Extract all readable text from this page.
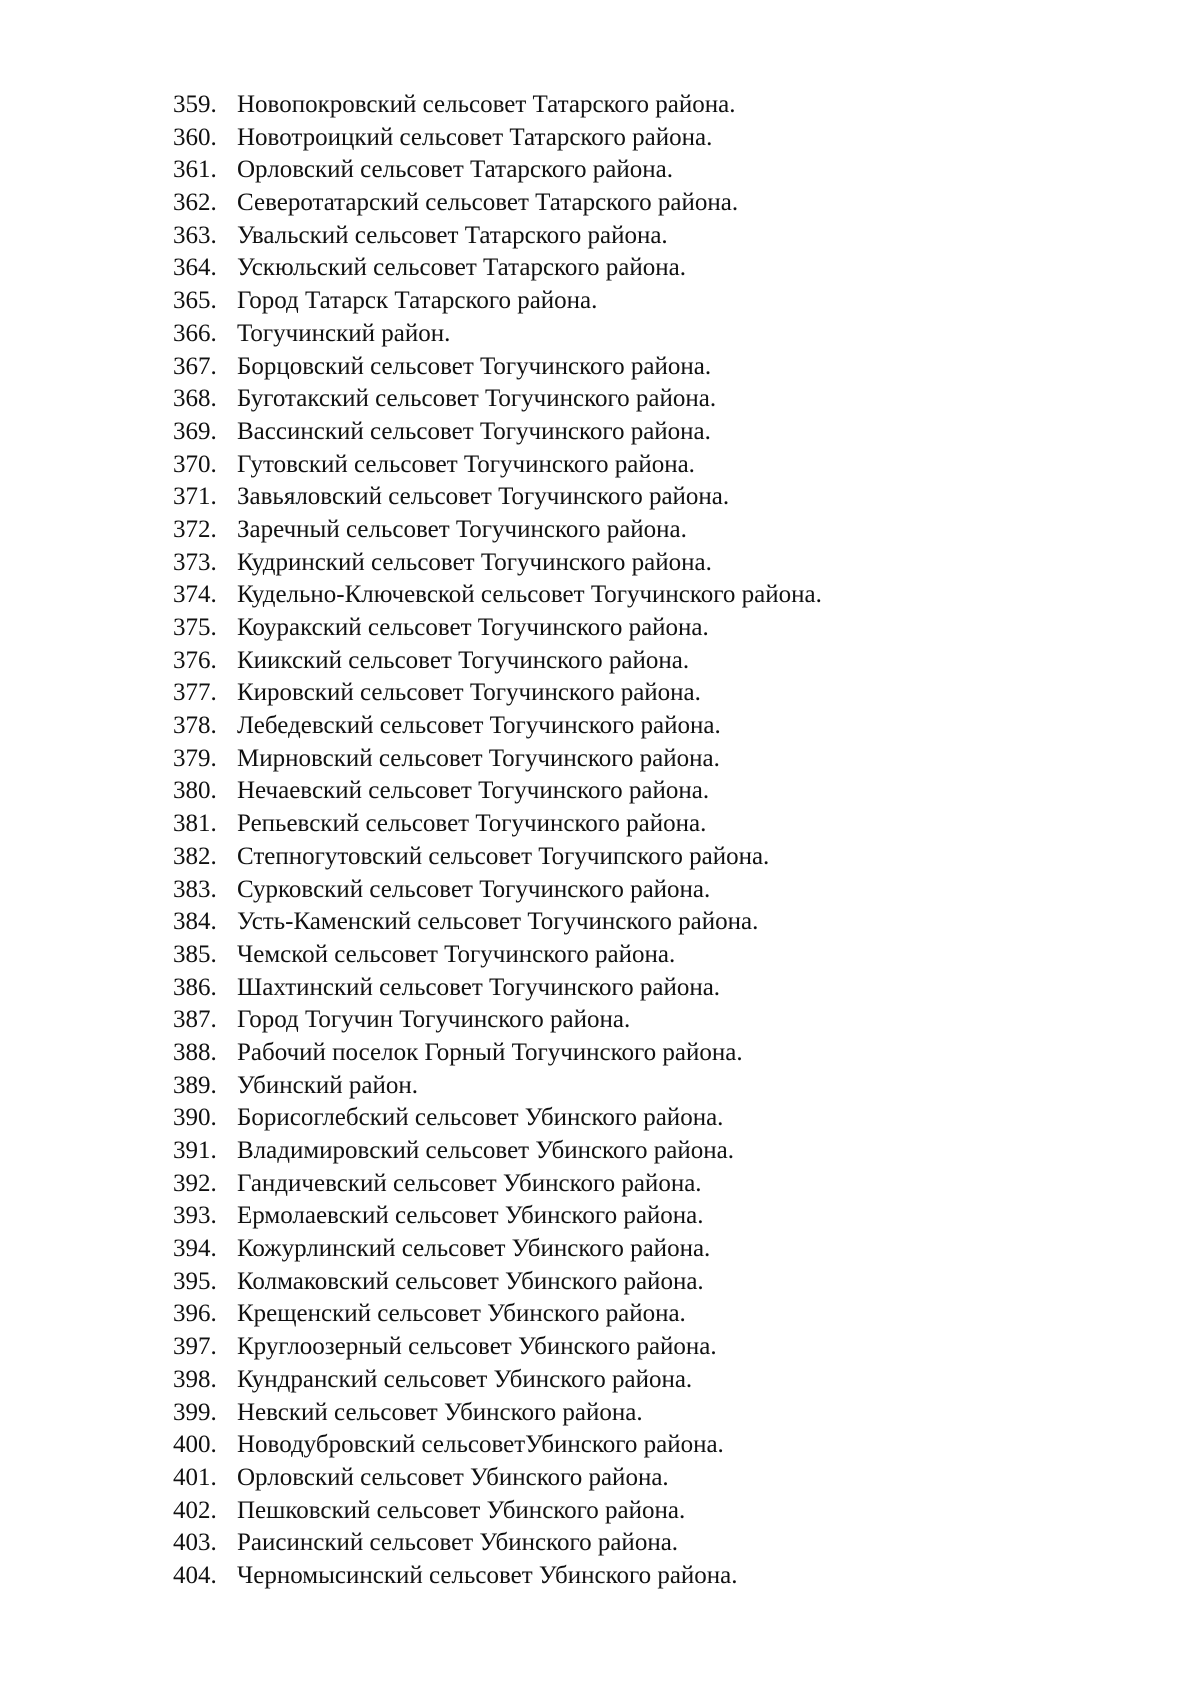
359. Новопокровский сельсовет Татарского района.
360. Новотроицкий сельсовет Татарского района.
361. Орловский сельсовет Татарского района.
362. Северотатарский сельсовет Татарского района.
363. Увальский сельсовет Татарского района.
364. Ускюльский сельсовет Татарского района.
365. Город Татарск Татарского района.
366. Тогучинский район.
367. Борцовский сельсовет Тогучинского района.
368. Буготакский сельсовет Тогучинского района.
369. Вассинский сельсовет Тогучинского района.
370. Гутовский сельсовет Тогучинского района.
371. Завьяловский сельсовет Тогучинского района.
372. Заречный сельсовет Тогучинского района.
373. Кудринский сельсовет Тогучинского района.
374. Кудельно-Ключевской сельсовет Тогучинского района.
375. Коуракский сельсовет Тогучинского района.
376. Киикский сельсовет Тогучинского района.
377. Кировский сельсовет Тогучинского района.
378. Лебедевский сельсовет Тогучинского района.
379. Мирновский сельсовет Тогучинского района.
380. Нечаевский сельсовет Тогучинского района.
381. Репьевский сельсовет Тогучинского района.
382. Степногутовский сельсовет Тогучипского района.
383. Сурковский сельсовет Тогучинского района.
384. Усть-Каменский сельсовет Тогучинского района.
385. Чемской сельсовет Тогучинского района.
386. Шахтинский сельсовет Тогучинского района.
387. Город Тогучин Тогучинского района.
388. Рабочий поселок Горный Тогучинского района.
389. Убинский район.
390. Борисоглебский сельсовет Убинского района.
391. Владимировский сельсовет Убинского района.
392. Гандичевский сельсовет Убинского района.
393. Ермолаевский сельсовет Убинского района.
394. Кожурлинский сельсовет Убинского района.
395. Колмаковский сельсовет Убинского района.
396. Крещенский сельсовет Убинского района.
397. Круглоозерный сельсовет Убинского района.
398. Кундранский сельсовет Убинского района.
399. Невский сельсовет Убинского района.
400. Новодубровский сельсоветУбинского района.
401. Орловский сельсовет Убинского района.
402. Пешковский сельсовет Убинского района.
403. Раисинский сельсовет Убинского района.
404. Черномысинский сельсовет Убинского района.
